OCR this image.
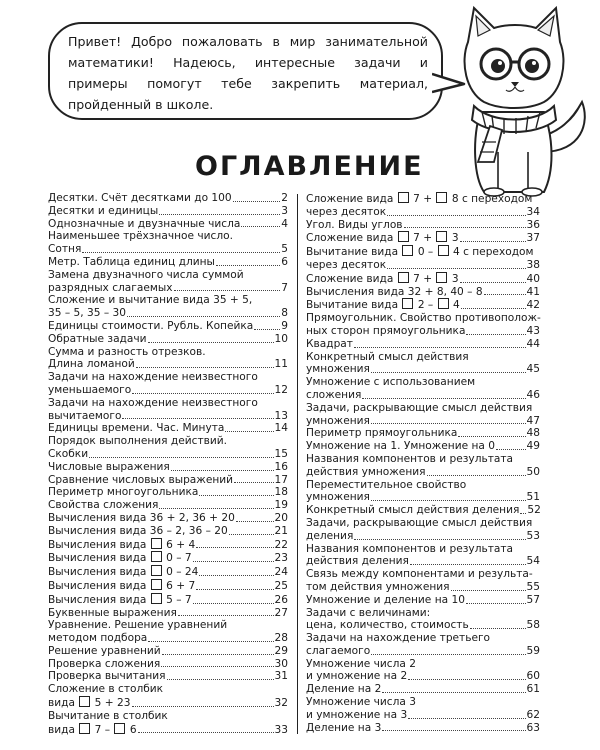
Привет! Добро пожаловать в мир занимательной математики! Надеюсь, интересные задачи и примеры помогут тебе закрепить материал, пройденный в школе.
ОГЛАВЛЕНИЕ
Десятки. Счёт десятками до 100	2
Десятки и единицы	3
Однозначные и двузначные числа	4
Наименьшее трёхзначное число.
Сотня	5
Метр. Таблица единиц длины	6
Замена двузначного числа суммой
разрядных слагаемых	7
Сложение и вычитание вида 35 + 5,
35 – 5, 35 – 30	8
Единицы стоимости. Рубль. Копейка	9
Обратные задачи	10
Сумма и разность отрезков.
Длина ломаной	11
Задачи на нахождение неизвестного
уменьшаемого	12
Задачи на нахождение неизвестного
вычитаемого	13
Единицы времени. Час. Минута	14
Порядок выполнения действий.
Скобки	15
Числовые выражения	16
Сравнение числовых выражений	17
Периметр многоугольника	18
Свойства сложения	19
Вычисления вида 36 + 2, 36 + 20	20
Вычисления вида 36 – 2, 36 – 20	21
Вычисления вида  6 + 4	22
Вычисления вида  0 – 7	23
Вычисления вида  0 – 24	24
Вычисления вида  6 + 7	25
Вычисления вида  5 – 7	26
Буквенные выражения	27
Уравнение. Решение уравнений
методом подбора	28
Решение уравнений	29
Проверка сложения	30
Проверка вычитания	31
Сложение в столбик
вида  5 + 23	32
Вычитание в столбик
вида  7 –  6	33
Сложение вида  7 +  8 с переходом
через десяток	34
Угол. Виды углов	36
Сложение вида  7 +  3	37
Вычитание вида  0 –  4 с переходом
через десяток	38
Сложение вида  7 +  3	40
Вычисления вида 32 + 8, 40 – 8	41
Вычитание вида  2 –  4	42
Прямоугольник. Свойство противополож-
ных сторон прямоугольника	43
Квадрат	44
Конкретный смысл действия
умножения	45
Умножение с использованием
сложения	46
Задачи, раскрывающие смысл действия
умножения	47
Периметр прямоугольника	48
Умножение на 1. Умножение на 0	49
Названия компонентов и результата
действия умножения	50
Переместительное свойство
умножения	51
Конкретный смысл действия деления 52
Задачи, раскрывающие смысл действия
деления	53
Названия компонентов и результата
действия деления	54
Связь между компонентами и результа-
том действия умножения	55
Умножение и деление на 10	57
Задачи с величинами:
цена, количество, стоимость	58
Задачи на нахождение третьего
слагаемого	59
Умножение числа 2
и умножение на 2	60
Деление на 2	61
Умножение числа 3
и умножение на 3	62
Деление на 3	63
